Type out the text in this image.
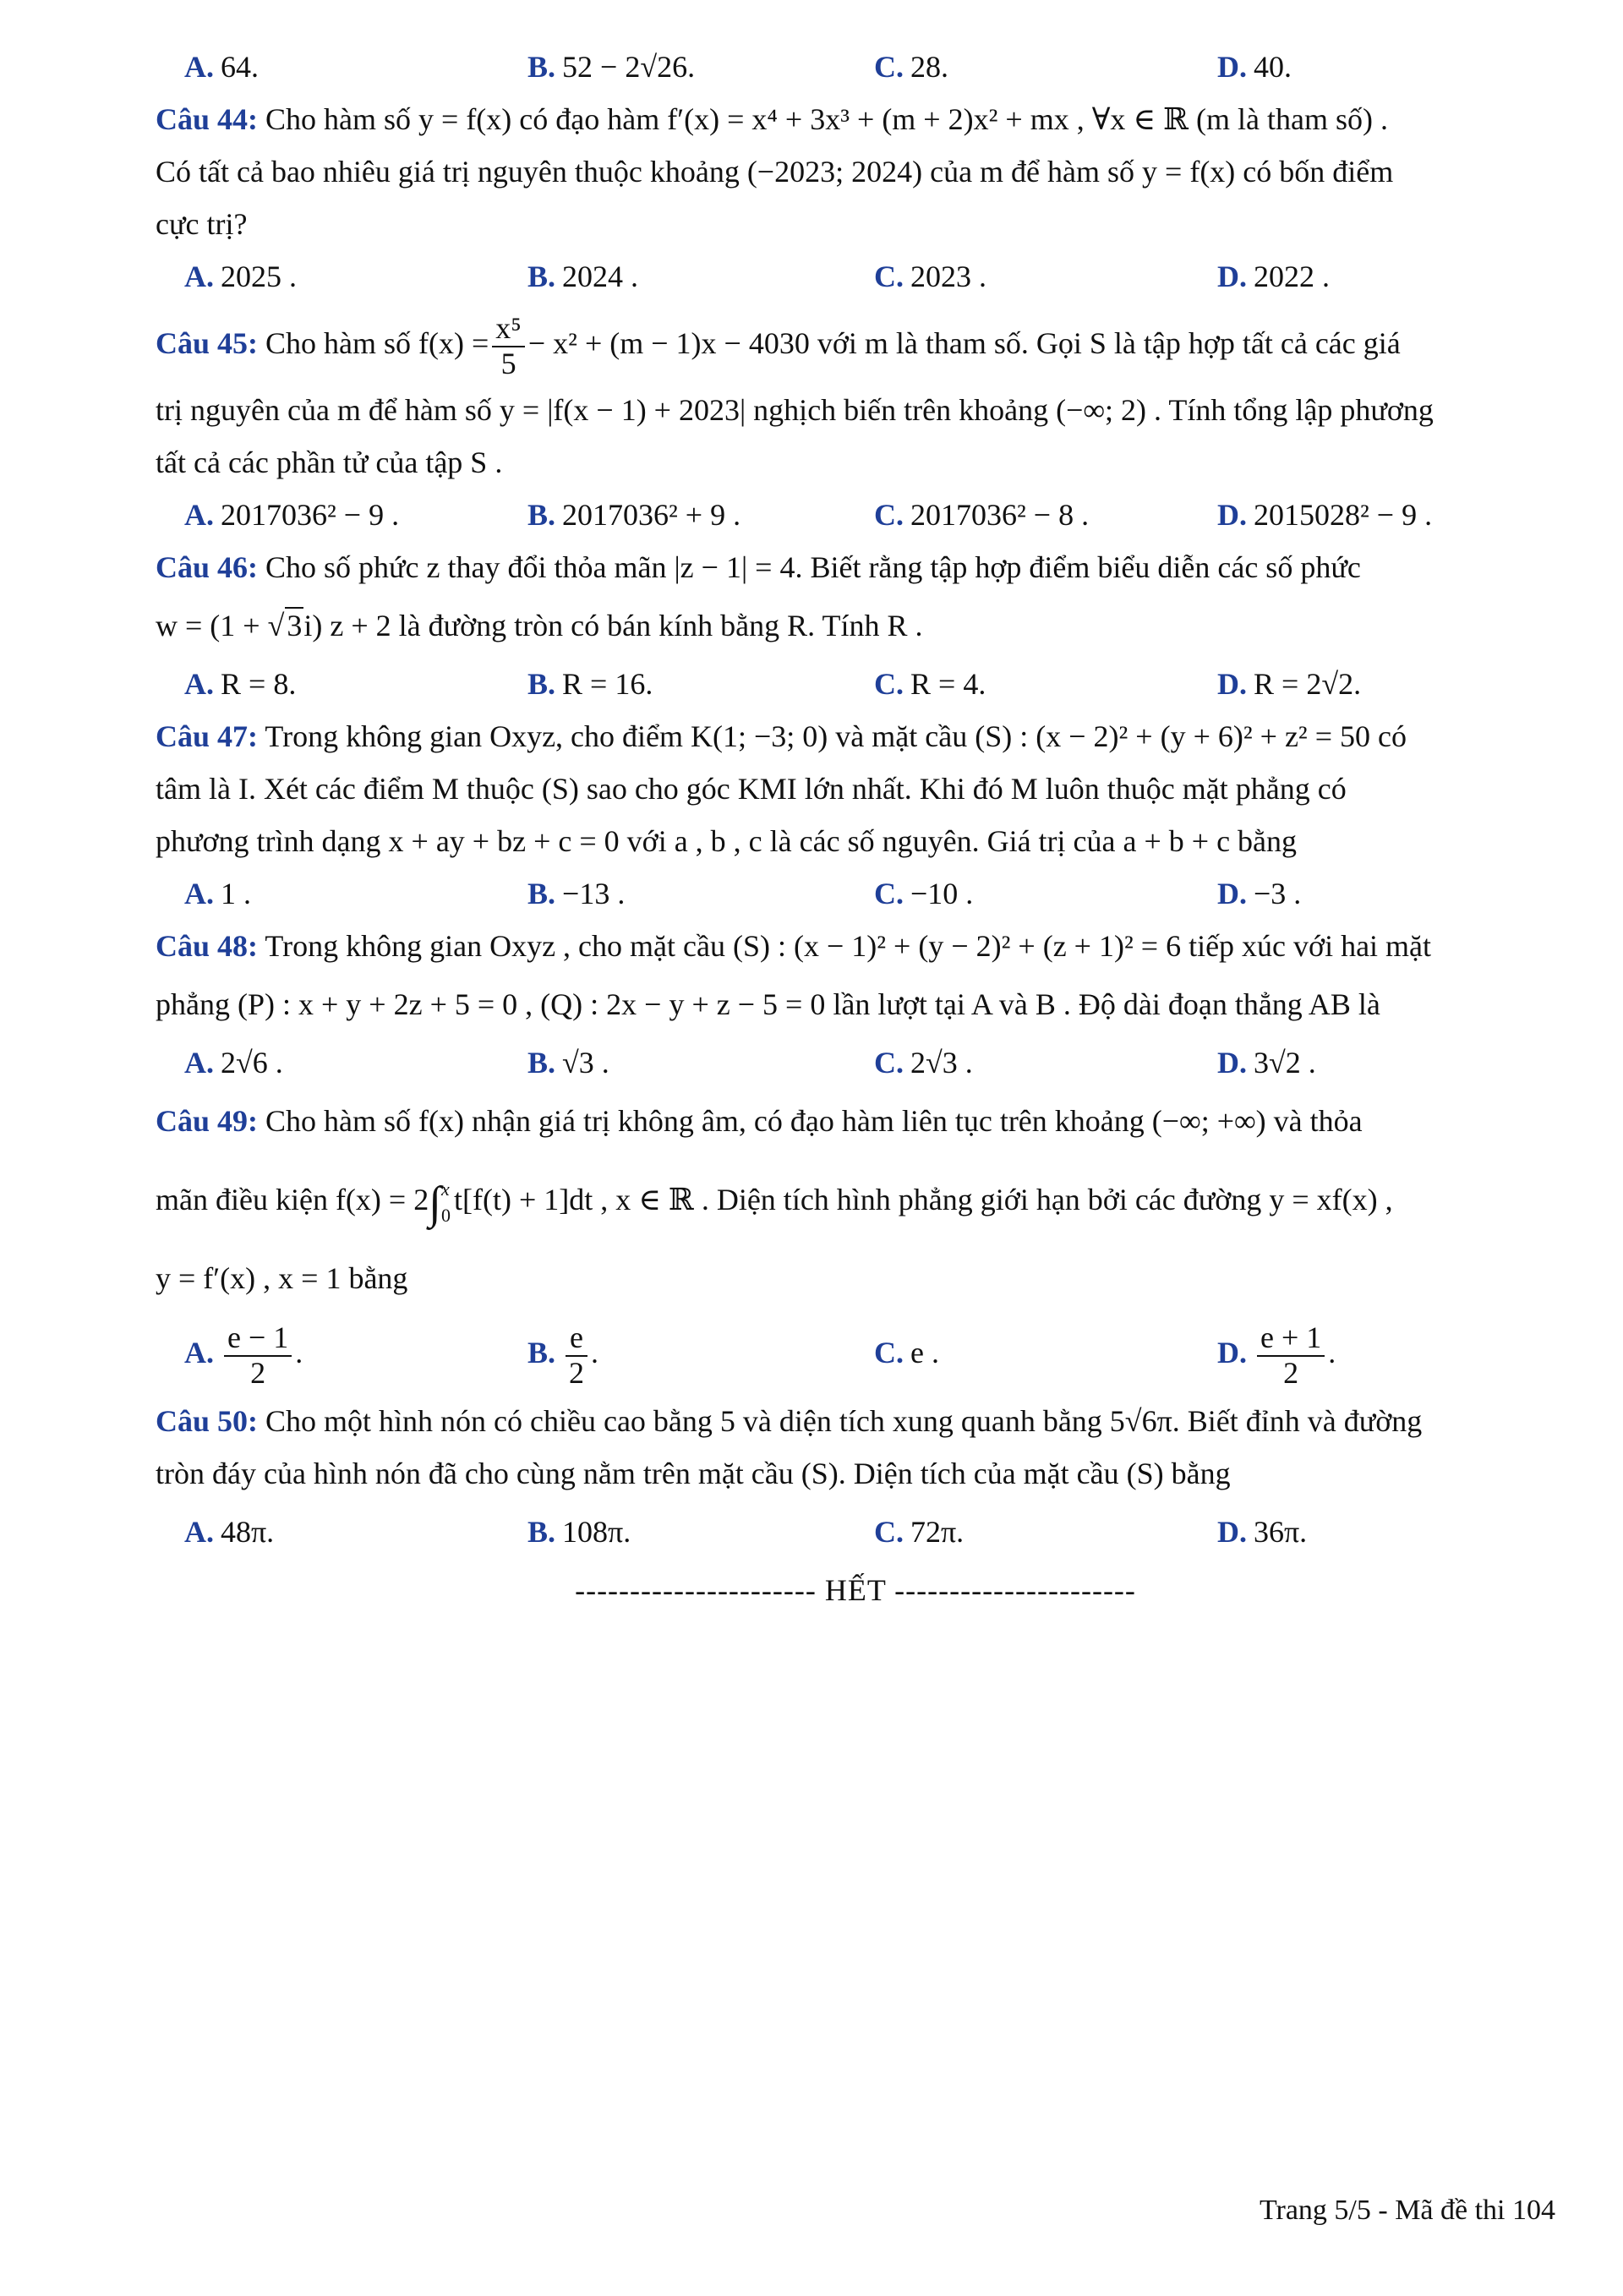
A. 64.	B. 52 − 2√26.	C. 28.	D. 40.
Câu 44: Cho hàm số y = f(x) có đạo hàm f′(x) = x⁴ + 3x³ + (m + 2)x² + mx , ∀x ∈ ℝ (m là tham số) .
Có tất cả bao nhiêu giá trị nguyên thuộc khoảng (−2023; 2024) của m để hàm số y = f(x) có bốn điểm
cực trị?
A. 2025 .	B. 2024 .	C. 2023 .	D. 2022 .
Câu 45: Cho hàm số $f(x) = \frac{\text{x⁵}}{5} - x^2 + (m - 1)x - 4030$ với m là tham số. Gọi S là tập hợp tất cả các giá
trị nguyên của m để hàm số y = |f(x − 1) + 2023| nghịch biến trên khoảng (−∞; 2) . Tính tổng lập phương
tất cả các phần tử của tập S .
A. 2017036² − 9 .	B. 2017036² + 9 .	C. 2017036² − 8 .	D. 2015028² − 9 .
Câu 46: Cho số phức z thay đổi thỏa mãn |z − 1| = 4. Biết rằng tập hợp điểm biểu diễn các số phức
w = (1 + √3i) z + 2 là đường tròn có bán kính bằng R. Tính R .
A. R = 8.	B. R = 16.	C. R = 4.	D. R = 2√2.
Câu 47: Trong không gian Oxyz, cho điểm K(1; −3; 0) và mặt cầu (S) : (x − 2)² + (y + 6)² + z² = 50 có
tâm là I. Xét các điểm M thuộc (S) sao cho góc KMI lớn nhất. Khi đó M luôn thuộc mặt phẳng có
phương trình dạng x + ay + bz + c = 0 với a , b , c là các số nguyên. Giá trị của a + b + c bằng
A. 1 .	B. −13 .	C. −10 .	D. −3 .
Câu 48: Trong không gian Oxyz , cho mặt cầu (S) : (x − 1)² + (y − 2)² + (z + 1)² = 6 tiếp xúc với hai mặt
phẳng (P) : x + y + 2z + 5 = 0 , (Q) : 2x − y + z − 5 = 0 lần lượt tại A và B . Độ dài đoạn thẳng AB là
A. 2√6 .	B. √3 .	C. 2√3 .	D. 3√2 .
Câu 49: Cho hàm số f(x) nhận giá trị không âm, có đạo hàm liên tục trên khoảng (−∞; +∞) và thỏa
mãn điều kiện f(x) = 2∫ x
0 t[f(t) + 1]dt , x ∈ ℝ . Diện tích hình phẳng giới hạn bởi các đường y = xf(x) ,
y = f′(x) , x = 1 bằng
A. $\frac{e - 1}{2}$ .	B. $\frac{e}{2}$ .	C. e .	D. $\frac{e + 1}{2}$ .
Câu 50: Cho một hình nón có chiều cao bằng 5 và diện tích xung quanh bằng 5√6π. Biết đỉnh và đường
tròn đáy của hình nón đã cho cùng nằm trên mặt cầu (S). Diện tích của mặt cầu (S) bằng
A. 48π.	B. 108π.	C. 72π.	D. 36π.
---------------------- HẾT ----------------------
Trang 5/5 - Mã đề thi 104
